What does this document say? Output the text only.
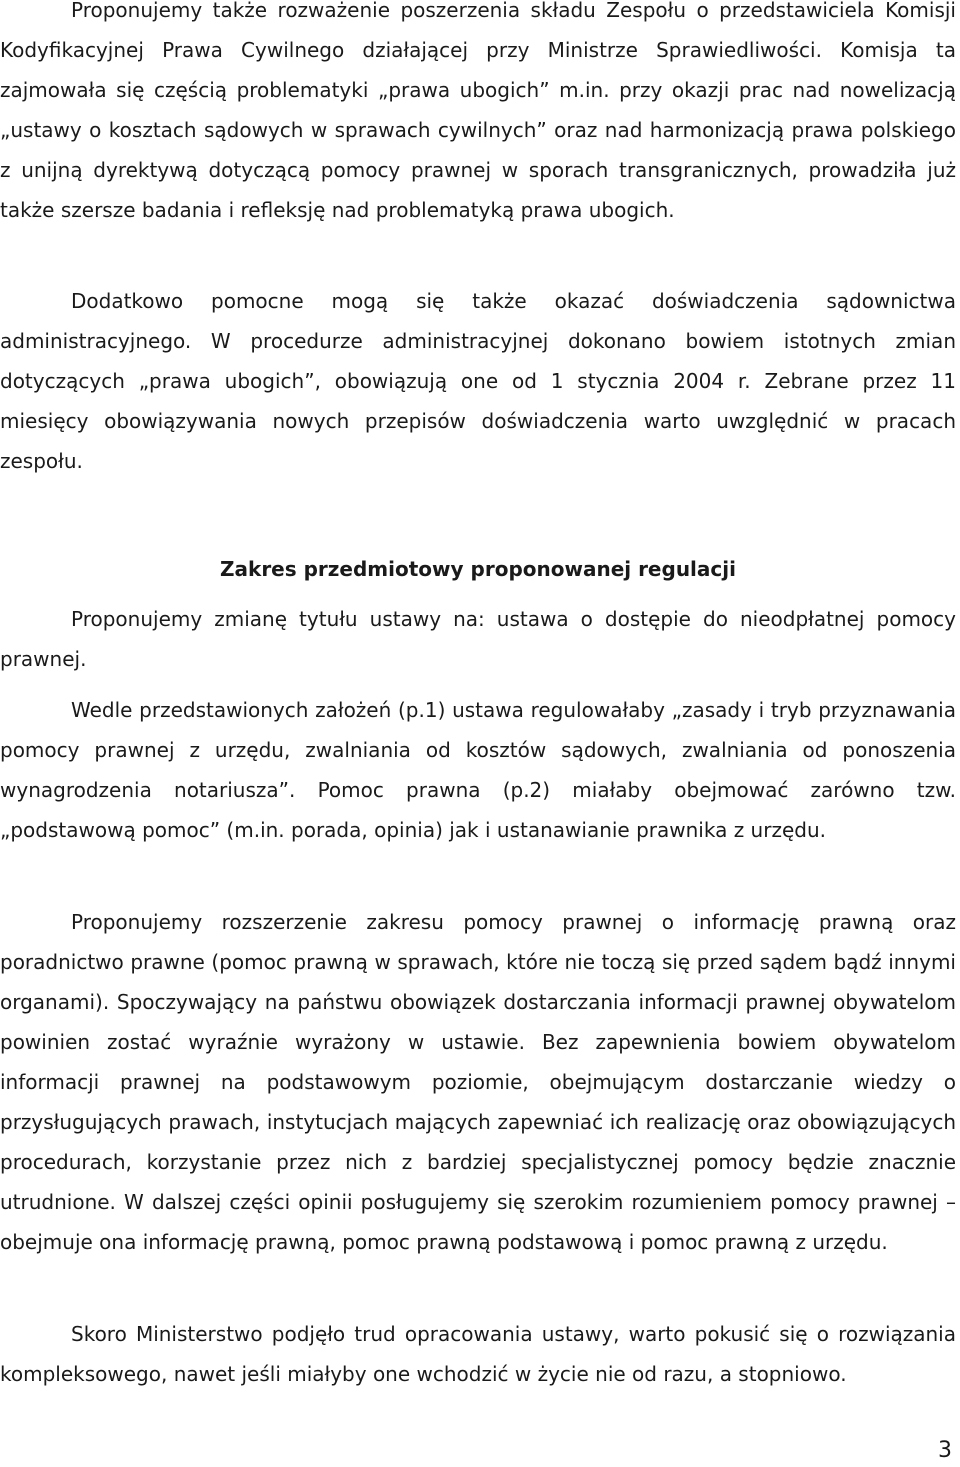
Proponujemy także rozważenie poszerzenia składu Zespołu o przedstawiciela Komisji Kodyfikacyjnej Prawa Cywilnego działającej przy Ministrze Sprawiedliwości. Komisja ta zajmowała się częścią problematyki „prawa ubogich” m.in. przy okazji prac nad nowelizacją „ustawy o kosztach sądowych w sprawach cywilnych” oraz nad harmonizacją prawa polskiego z unijną dyrektywą dotyczącą pomocy prawnej w sporach transgranicznych, prowadziła już także szersze badania i refleksję nad problematyką prawa ubogich.

Dodatkowo pomocne mogą się także okazać doświadczenia sądownictwa administracyjnego. W procedurze administracyjnej dokonano bowiem istotnych zmian dotyczących „prawa ubogich”, obowiązują one od 1 stycznia 2004 r. Zebrane przez 11 miesięcy obowiązywania nowych przepisów doświadczenia warto uwzględnić w pracach zespołu.

Zakres przedmiotowy proponowanej regulacji

Proponujemy zmianę tytułu ustawy na: ustawa o dostępie do nieodpłatnej pomocy prawnej.

Wedle przedstawionych założeń (p.1) ustawa regulowałaby „zasady i tryb przyznawania pomocy prawnej z urzędu, zwalniania od kosztów sądowych, zwalniania od ponoszenia wynagrodzenia notariusza”. Pomoc prawna (p.2) miałaby obejmować zarówno tzw. „podstawową pomoc” (m.in. porada, opinia) jak i ustanawianie prawnika z urzędu.

Proponujemy rozszerzenie zakresu pomocy prawnej o informację prawną oraz poradnictwo prawne (pomoc prawną w sprawach, które nie toczą się przed sądem bądź innymi organami). Spoczywający na państwu obowiązek dostarczania informacji prawnej obywatelom powinien zostać wyraźnie wyrażony w ustawie. Bez zapewnienia bowiem obywatelom informacji prawnej na podstawowym poziomie, obejmującym dostarczanie wiedzy o przysługujących prawach, instytucjach mających zapewniać ich realizację oraz obowiązujących procedurach, korzystanie przez nich z bardziej specjalistycznej pomocy będzie znacznie utrudnione. W dalszej części opinii posługujemy się szerokim rozumieniem pomocy prawnej – obejmuje ona informację prawną, pomoc prawną podstawową i pomoc prawną z urzędu.

Skoro Ministerstwo podjęło trud opracowania ustawy, warto pokusić się o rozwiązania kompleksowego, nawet jeśli miałyby one wchodzić w życie nie od razu, a stopniowo.

3
